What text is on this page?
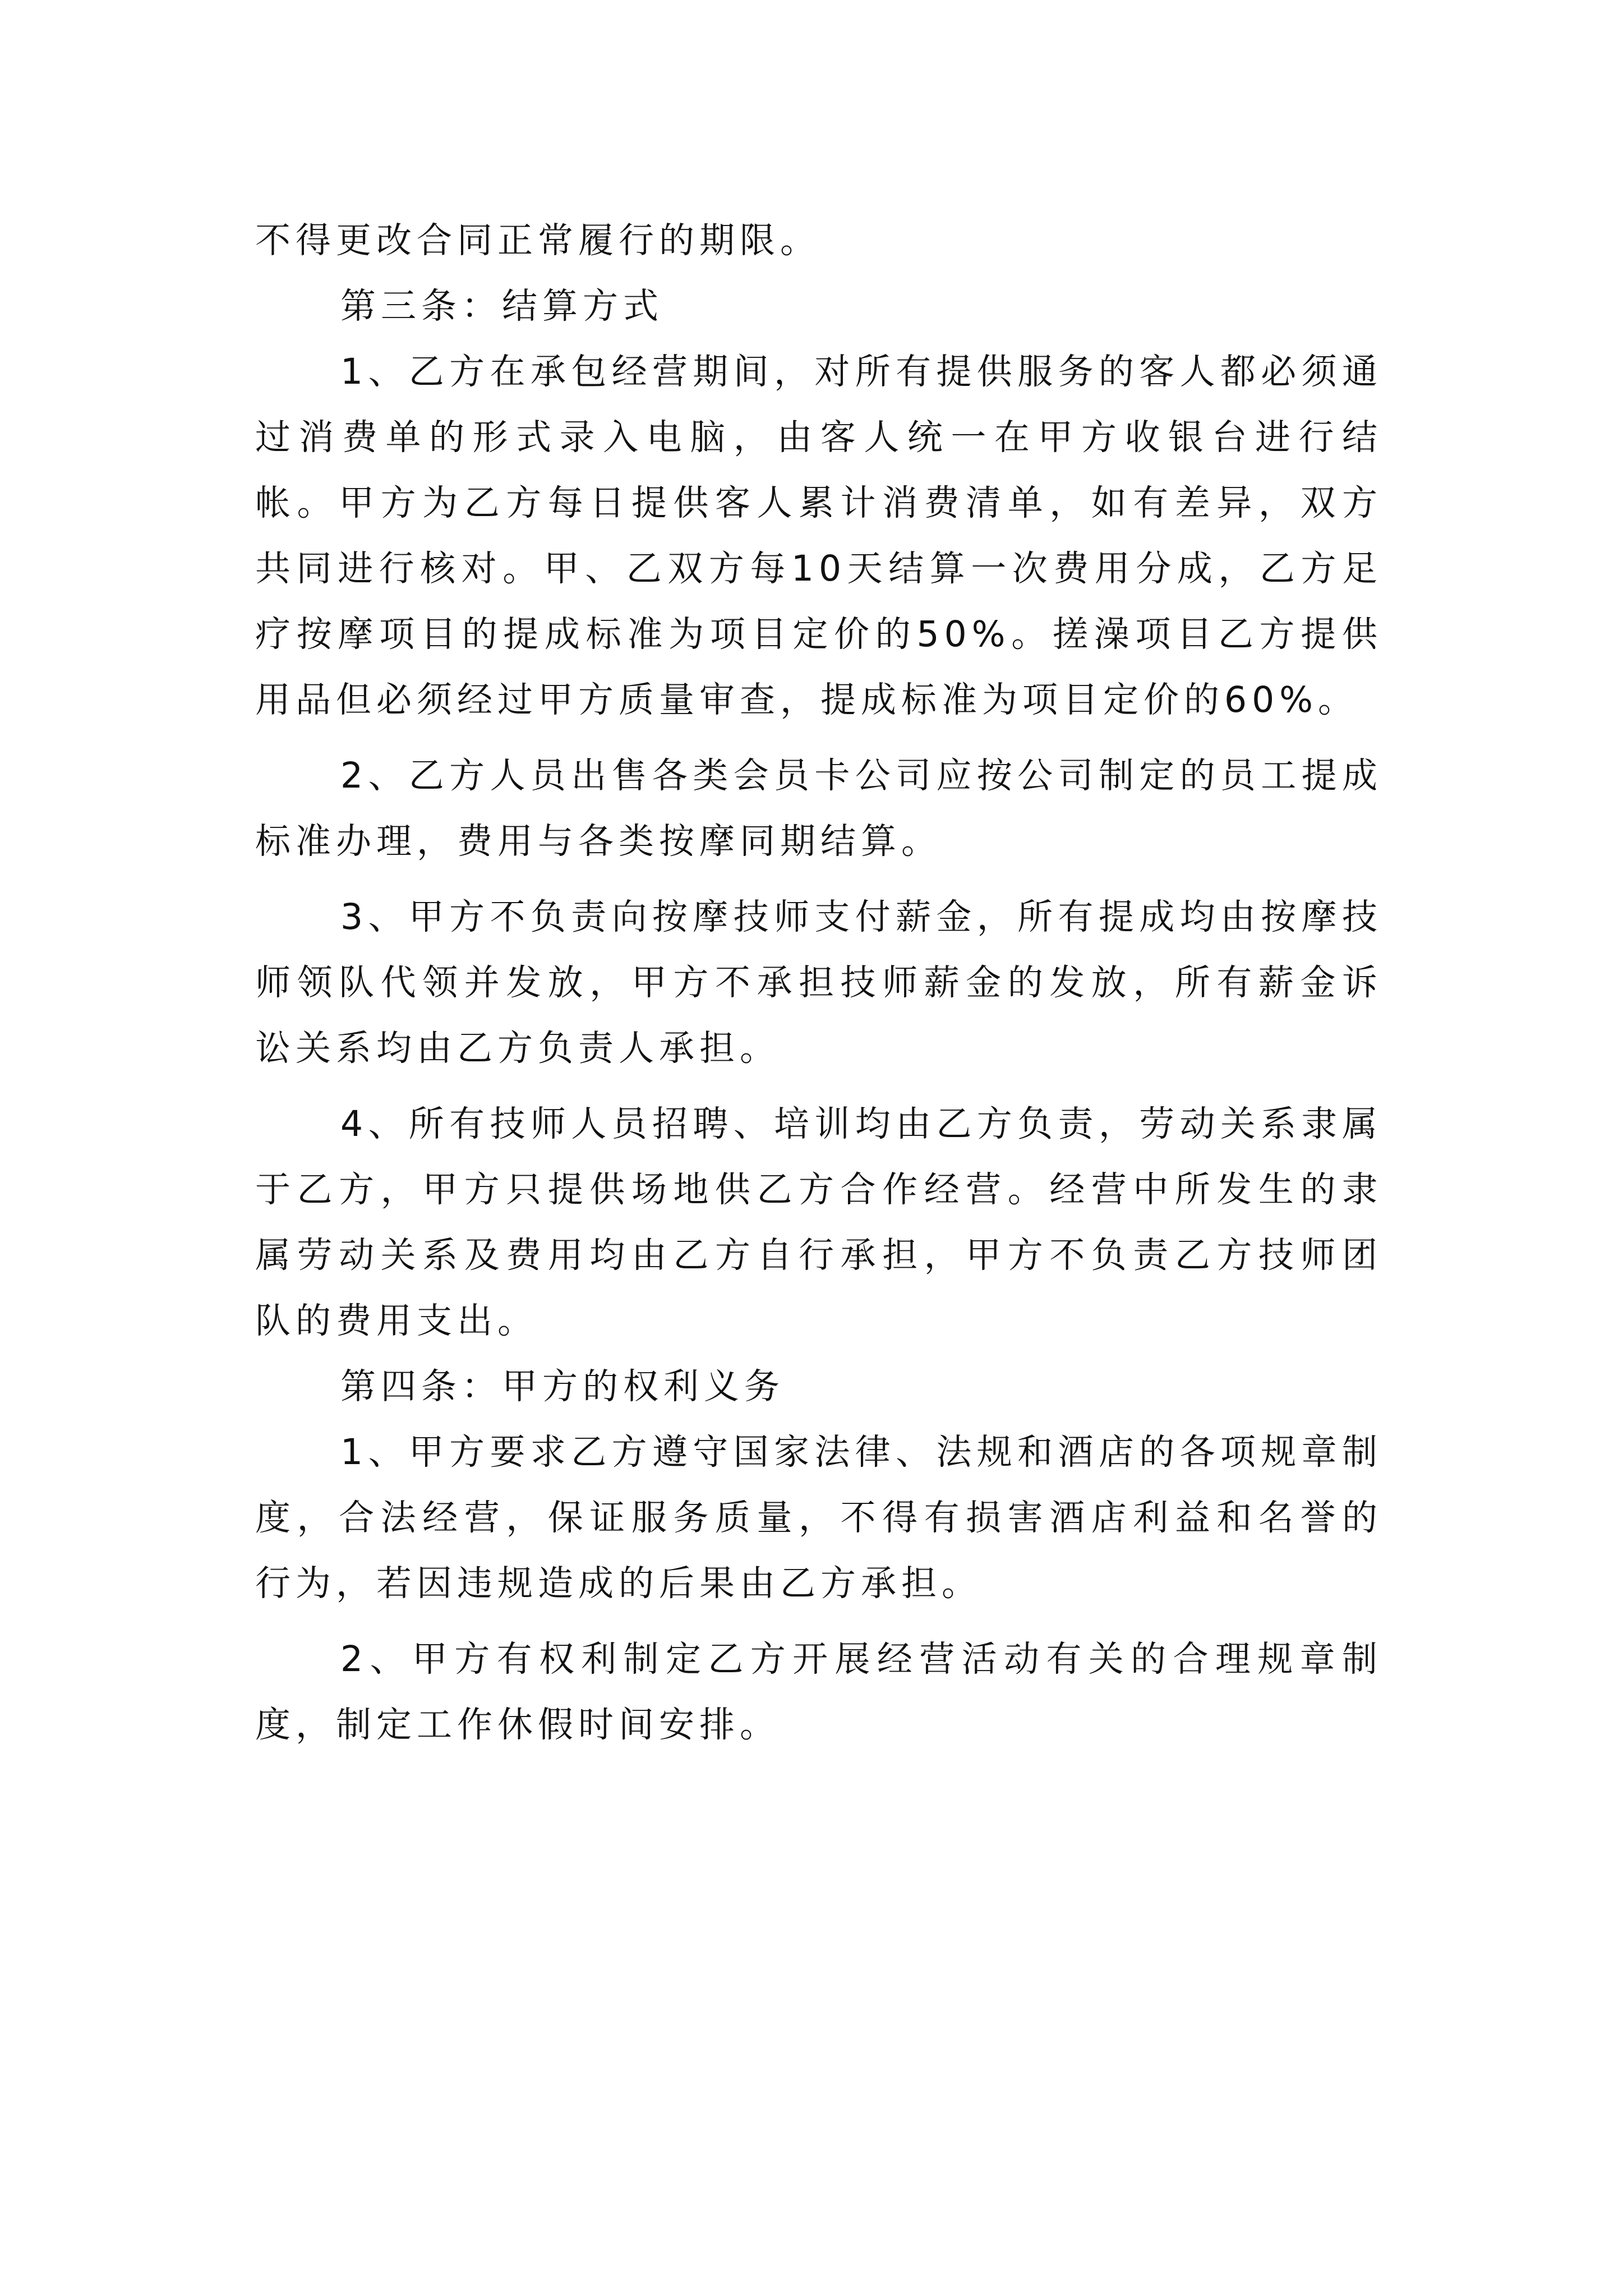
不得更改合同正常履行的期限。

第三条：结算方式

1、乙方在承包经营期间，对所有提供服务的客人都必须通过消费单的形式录入电脑，由客人统一在甲方收银台进行结帐。甲方为乙方每日提供客人累计消费清单，如有差异，双方共同进行核对。甲、乙双方每10天结算一次费用分成，乙方足疗按摩项目的提成标准为项目定价的50%。搓澡项目乙方提供用品但必须经过甲方质量审查，提成标准为项目定价的60%。

2、乙方人员出售各类会员卡公司应按公司制定的员工提成标准办理，费用与各类按摩同期结算。

3、甲方不负责向按摩技师支付薪金，所有提成均由按摩技师领队代领并发放，甲方不承担技师薪金的发放，所有薪金诉讼关系均由乙方负责人承担。

4、所有技师人员招聘、培训均由乙方负责，劳动关系隶属于乙方，甲方只提供场地供乙方合作经营。经营中所发生的隶属劳动关系及费用均由乙方自行承担，甲方不负责乙方技师团队的费用支出。

第四条：甲方的权利义务

1、甲方要求乙方遵守国家法律、法规和酒店的各项规章制度，合法经营，保证服务质量，不得有损害酒店利益和名誉的行为，若因违规造成的后果由乙方承担。

2、甲方有权利制定乙方开展经营活动有关的合理规章制度，制定工作休假时间安排。
